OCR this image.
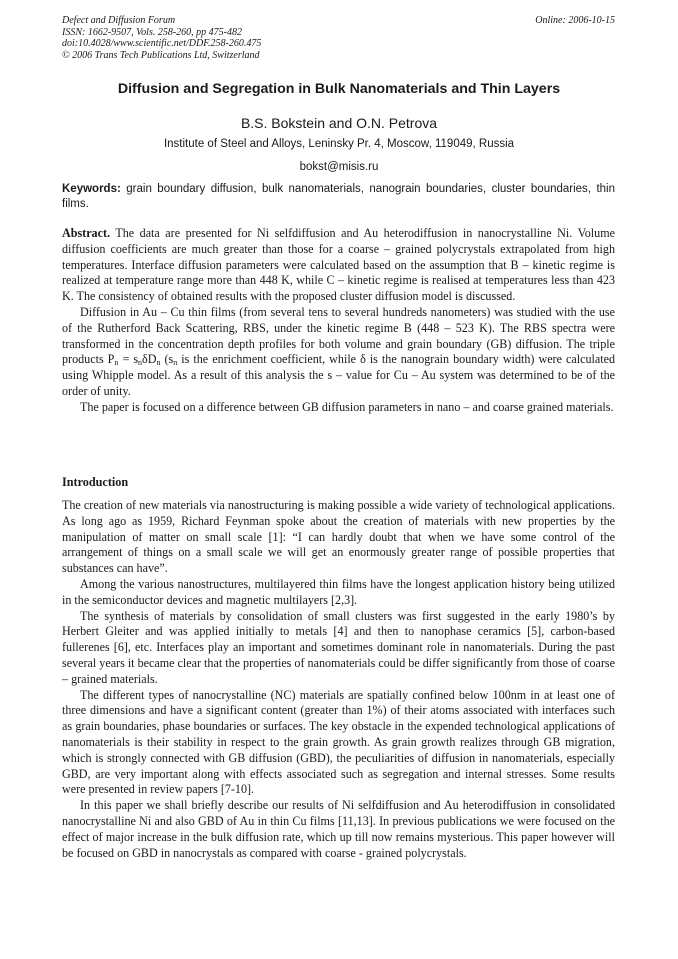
Defect and Diffusion Forum
ISSN: 1662-9507, Vols. 258-260, pp 475-482
doi:10.4028/www.scientific.net/DDF.258-260.475
© 2006 Trans Tech Publications Ltd, Switzerland
Online: 2006-10-15
Diffusion and Segregation in Bulk Nanomaterials and Thin Layers
B.S. Bokstein and O.N. Petrova
Institute of Steel and Alloys, Leninsky Pr. 4, Moscow, 119049, Russia
bokst@misis.ru
Keywords: grain boundary diffusion, bulk nanomaterials, nanograin boundaries, cluster boundaries, thin films.

Abstract. The data are presented for Ni selfdiffusion and Au heterodiffusion in nanocrystalline Ni. Volume diffusion coefficients are much greater than those for a coarse – grained polycrystals extrapolated from high temperatures. Interface diffusion parameters were calculated based on the assumption that B – kinetic regime is realized at temperature range more than 448 K, while C – kinetic regime is realised at temperatures less than 423 K. The consistency of obtained results with the proposed cluster diffusion model is discussed.

Diffusion in Au – Cu thin films (from several tens to several hundreds nanometers) was studied with the use of the Rutherford Back Scattering, RBS, under the kinetic regime B (448 – 523 K). The RBS spectra were transformed in the concentration depth profiles for both volume and grain boundary (GB) diffusion. The triple products $P_n = s_n\delta D_n$ ($s_n$ is the enrichment coefficient, while δ is the nanograin boundary width) were calculated using Whipple model. As a result of this analysis the s – value for Cu – Au system was determined to be of the order of unity.

The paper is focused on a difference between GB diffusion parameters in nano – and coarse grained materials.

Introduction

The creation of new materials via nanostructuring is making possible a wide variety of technological applications. As long ago as 1959, Richard Feynman spoke about the creation of materials with new properties by the manipulation of matter on small scale [1]: “I can hardly doubt that when we have some control of the arrangement of things on a small scale we will get an enormously greater range of possible properties that substances can have”.

Among the various nanostructures, multilayered thin films have the longest application history being utilized in the semiconductor devices and magnetic multilayers [2,3].

The synthesis of materials by consolidation of small clusters was first suggested in the early 1980’s by Herbert Gleiter and was applied initially to metals [4] and then to nanophase ceramics [5], carbon-based fullerenes [6], etc. Interfaces play an important and sometimes dominant role in nanomaterials. During the past several years it became clear that the properties of nanomaterials could be differ significantly from those of coarse – grained materials.

The different types of nanocrystalline (NC) materials are spatially confined below 100nm in at least one of three dimensions and have a significant content (greater than 1%) of their atoms associated with interfaces such as grain boundaries, phase boundaries or surfaces. The key obstacle in the expended technological applications of nanomaterials is their stability in respect to the grain growth. As grain growth realizes through GB migration, which is strongly connected with GB diffusion (GBD), the peculiarities of diffusion in nanomaterials, especially GBD, are very important along with effects associated such as segregation and internal stresses. Some results were presented in review papers [7-10].

In this paper we shall briefly describe our results of Ni selfdiffusion and Au heterodiffusion in consolidated nanocrystalline Ni and also GBD of Au in thin Cu films [11,13]. In previous publications we were focused on the effect of major increase in the bulk diffusion rate, which up till now remains mysterious. This paper however will be focused on GBD in nanocrystals as compared with coarse - grained polycrystals.
